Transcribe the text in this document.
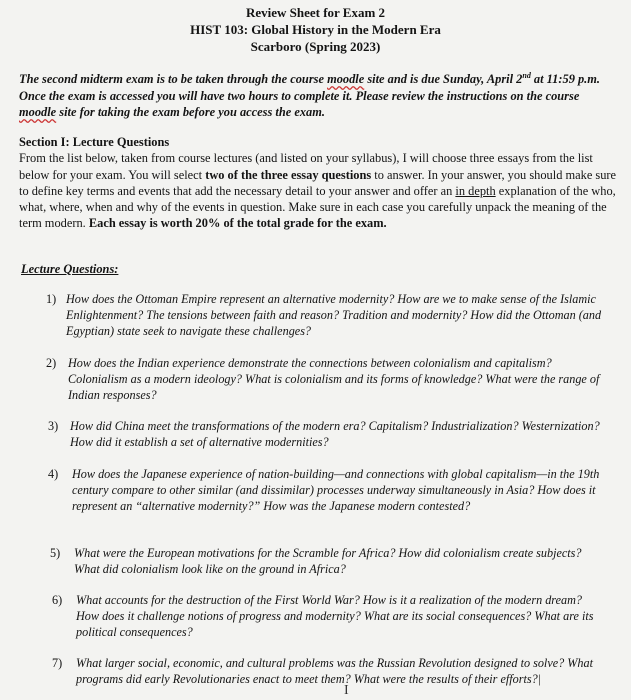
Review Sheet for Exam 2
HIST 103: Global History in the Modern Era
Scarboro (Spring 2023)
The second midterm exam is to be taken through the course moodle site and is due Sunday, April 2nd at 11:59 p.m. Once the exam is accessed you will have two hours to complete it. Please review the instructions on the course moodle site for taking the exam before you access the exam.
Section I: Lecture Questions
From the list below, taken from course lectures (and listed on your syllabus), I will choose three essays from the list below for your exam. You will select two of the three essay questions to answer. In your answer, you should make sure to define key terms and events that add the necessary detail to your answer and offer an in depth explanation of the who, what, where, when and why of the events in question. Make sure in each case you carefully unpack the meaning of the term modern. Each essay is worth 20% of the total grade for the exam.
Lecture Questions:
1) How does the Ottoman Empire represent an alternative modernity? How are we to make sense of the Islamic Enlightenment? The tensions between faith and reason? Tradition and modernity? How did the Ottoman (and Egyptian) state seek to navigate these challenges?
2) How does the Indian experience demonstrate the connections between colonialism and capitalism? Colonialism as a modern ideology? What is colonialism and its forms of knowledge? What were the range of Indian responses?
3) How did China meet the transformations of the modern era? Capitalism? Industrialization? Westernization? How did it establish a set of alternative modernities?
4) How does the Japanese experience of nation-building—and connections with global capitalism—in the 19th century compare to other similar (and dissimilar) processes underway simultaneously in Asia? How does it represent an “alternative modernity?” How was the Japanese modern contested?
5) What were the European motivations for the Scramble for Africa? How did colonialism create subjects? What did colonialism look like on the ground in Africa?
6) What accounts for the destruction of the First World War? How is it a realization of the modern dream? How does it challenge notions of progress and modernity? What are its social consequences? What are its political consequences?
7) What larger social, economic, and cultural problems was the Russian Revolution designed to solve? What programs did early Revolutionaries enact to meet them? What were the results of their efforts?|
I
